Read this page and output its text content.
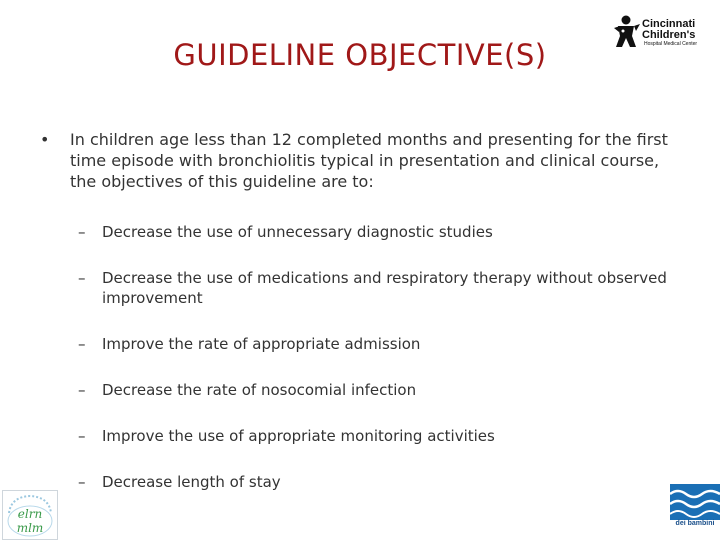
Cincinnati
Children's
Hospital Medical Center
GUIDELINE OBJECTIVE(S)
• In children age less than 12 completed months and presenting for the first time episode with bronchiolitis typical in presentation and clinical course, the objectives of this guideline are to:
– Decrease the use of unnecessary diagnostic studies
– Decrease the use of medications and respiratory therapy without observed improvement
– Improve the rate of appropriate admission
– Decrease the rate of nosocomial infection
– Improve the use of appropriate monitoring activities
– Decrease length of stay
elrn
mlm	dei bambini
